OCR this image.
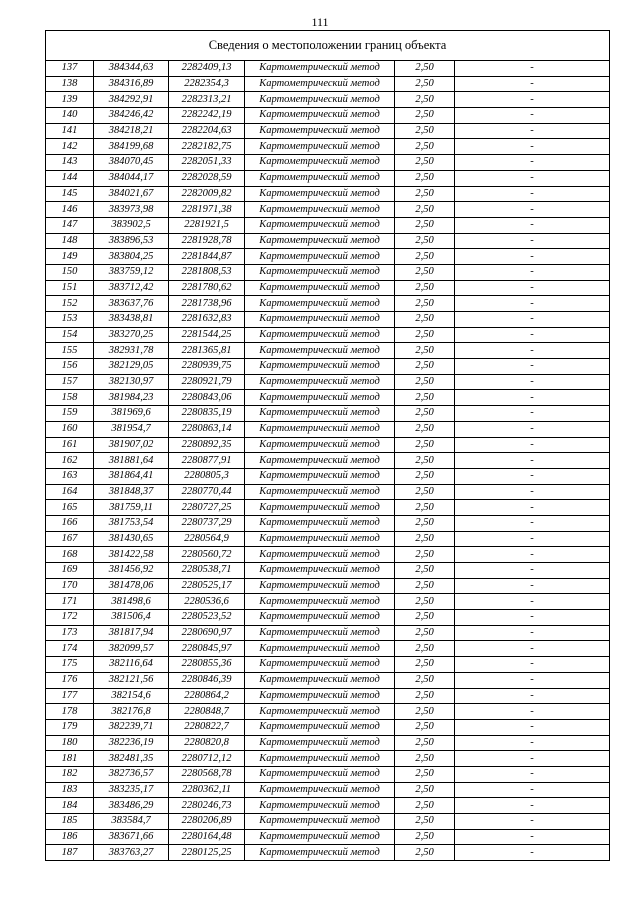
111
Сведения о местоположении границ объекта					
137	384344,63	2282409,13	Картометрический метод	2,50	-
138	384316,89	2282354,3	Картометрический метод	2,50	-
139	384292,91	2282313,21	Картометрический метод	2,50	-
140	384246,42	2282242,19	Картометрический метод	2,50	-
141	384218,21	2282204,63	Картометрический метод	2,50	-
142	384199,68	2282182,75	Картометрический метод	2,50	-
143	384070,45	2282051,33	Картометрический метод	2,50	-
144	384044,17	2282028,59	Картометрический метод	2,50	-
145	384021,67	2282009,82	Картометрический метод	2,50	-
146	383973,98	2281971,38	Картометрический метод	2,50	-
147	383902,5	2281921,5	Картометрический метод	2,50	-
148	383896,53	2281928,78	Картометрический метод	2,50	-
149	383804,25	2281844,87	Картометрический метод	2,50	-
150	383759,12	2281808,53	Картометрический метод	2,50	-
151	383712,42	2281780,62	Картометрический метод	2,50	-
152	383637,76	2281738,96	Картометрический метод	2,50	-
153	383438,81	2281632,83	Картометрический метод	2,50	-
154	383270,25	2281544,25	Картометрический метод	2,50	-
155	382931,78	2281365,81	Картометрический метод	2,50	-
156	382129,05	2280939,75	Картометрический метод	2,50	-
157	382130,97	2280921,79	Картометрический метод	2,50	-
158	381984,23	2280843,06	Картометрический метод	2,50	-
159	381969,6	2280835,19	Картометрический метод	2,50	-
160	381954,7	2280863,14	Картометрический метод	2,50	-
161	381907,02	2280892,35	Картометрический метод	2,50	-
162	381881,64	2280877,91	Картометрический метод	2,50	-
163	381864,41	2280805,3	Картометрический метод	2,50	-
164	381848,37	2280770,44	Картометрический метод	2,50	-
165	381759,11	2280727,25	Картометрический метод	2,50	-
166	381753,54	2280737,29	Картометрический метод	2,50	-
167	381430,65	2280564,9	Картометрический метод	2,50	-
168	381422,58	2280560,72	Картометрический метод	2,50	-
169	381456,92	2280538,71	Картометрический метод	2,50	-
170	381478,06	2280525,17	Картометрический метод	2,50	-
171	381498,6	2280536,6	Картометрический метод	2,50	-
172	381506,4	2280523,52	Картометрический метод	2,50	-
173	381817,94	2280690,97	Картометрический метод	2,50	-
174	382099,57	2280845,97	Картометрический метод	2,50	-
175	382116,64	2280855,36	Картометрический метод	2,50	-
176	382121,56	2280846,39	Картометрический метод	2,50	-
177	382154,6	2280864,2	Картометрический метод	2,50	-
178	382176,8	2280848,7	Картометрический метод	2,50	-
179	382239,71	2280822,7	Картометрический метод	2,50	-
180	382236,19	2280820,8	Картометрический метод	2,50	-
181	382481,35	2280712,12	Картометрический метод	2,50	-
182	382736,57	2280568,78	Картометрический метод	2,50	-
183	383235,17	2280362,11	Картометрический метод	2,50	-
184	383486,29	2280246,73	Картометрический метод	2,50	-
185	383584,7	2280206,89	Картометрический метод	2,50	-
186	383671,66	2280164,48	Картометрический метод	2,50	-
187	383763,27	2280125,25	Картометрический метод	2,50	-
